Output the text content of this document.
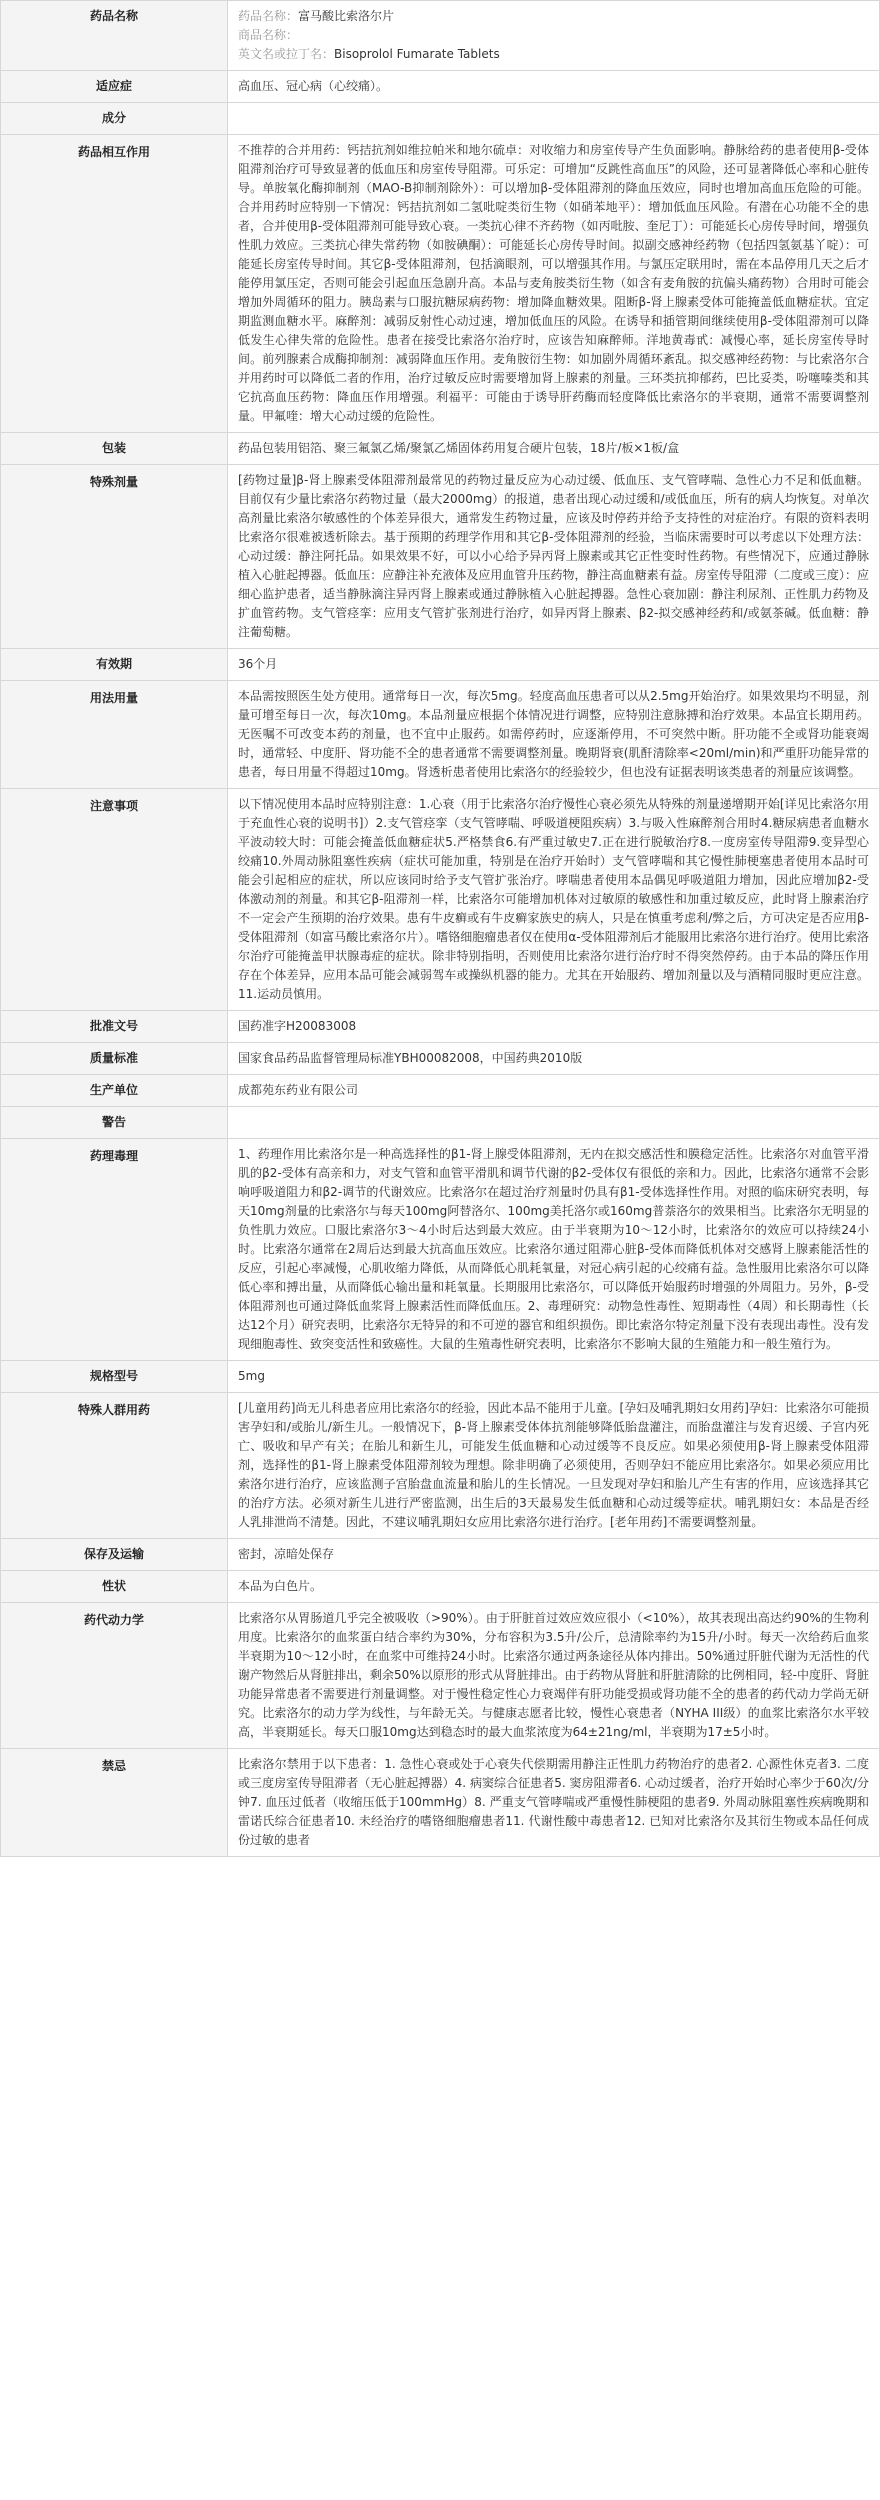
药品名称	药品名称：富马酸比索洛尔片
商品名称：
英文名或拉丁名：Bisoprolol Fumarate Tablets

适应症	高血压、冠心病（心绞痛）。
成分	

药品相互作用	不推荐的合并用药：钙拮抗剂如维拉帕米和地尔硫卓：对收缩力和房室传导产生负面影响。静脉给药的患者使用β-受体阻滞剂治疗可导致显著的低血压和房室传导阻滞。可乐定：可增加“反跳性高血压”的风险，还可显著降低心率和心脏传导。单胺氧化酶抑制剂（MAO-B抑制剂除外）：可以增加β-受体阻滞剂的降血压效应，同时也增加高血压危险的可能。合并用药时应特别一下情况：钙拮抗剂如二氢吡啶类衍生物（如硝苯地平）：增加低血压风险。有潜在心功能不全的患者，合并使用β-受体阻滞剂可能导致心衰。一类抗心律不齐药物（如丙吡胺、奎尼丁）：可能延长心房传导时间，增强负性肌力效应。三类抗心律失常药物（如胺碘酮）：可能延长心房传导时间。拟副交感神经药物（包括四氢氨基丫啶）：可能延长房室传导时间。其它β-受体阻滞剂，包括滴眼剂，可以增强其作用。与氯压定联用时，需在本品停用几天之后才能停用氯压定，否则可能会引起血压急剧升高。本品与麦角胺类衍生物（如含有麦角胺的抗偏头痛药物）合用时可能会增加外周循环的阻力。胰岛素与口服抗糖尿病药物：增加降血糖效果。阻断β-肾上腺素受体可能掩盖低血糖症状。宜定期监测血糖水平。麻醉剂：减弱反射性心动过速，增加低血压的风险。在诱导和插管期间继续使用β-受体阻滞剂可以降低发生心律失常的危险性。患者在接受比索洛尔治疗时，应该告知麻醉师。洋地黄毒甙：减慢心率，延长房室传导时间。前列腺素合成酶抑制剂：减弱降血压作用。麦角胺衍生物：如加剧外周循环紊乱。拟交感神经药物：与比索洛尔合并用药时可以降低二者的作用，治疗过敏反应时需要增加肾上腺素的剂量。三环类抗抑郁药，巴比妥类，吩噻嗪类和其它抗高血压药物：降血压作用增强。利福平：可能由于诱导肝药酶而轻度降低比索洛尔的半衰期，通常不需要调整剂量。甲氟喹：增大心动过缓的危险性。
包装	药品包装用铝箔、聚三氟氯乙烯/聚氯乙烯固体药用复合硬片包装，18片/板×1板/盒
特殊剂量	[药物过量]β-肾上腺素受体阻滞剂最常见的药物过量反应为心动过缓、低血压、支气管哮喘、急性心力不足和低血糖。目前仅有少量比索洛尔药物过量（最大2000mg）的报道，患者出现心动过缓和/或低血压，所有的病人均恢复。对单次高剂量比索洛尔敏感性的个体差异很大，通常发生药物过量，应该及时停药并给予支持性的对症治疗。有限的资料表明比索洛尔很难被透析除去。基于预期的药理学作用和其它β-受体阻滞剂的经验，当临床需要时可以考虑以下处理方法：心动过缓：静注阿托品。如果效果不好，可以小心给予异丙肾上腺素或其它正性变时性药物。有些情况下，应通过静脉植入心脏起搏器。低血压：应静注补充液体及应用血管升压药物，静注高血糖素有益。房室传导阻滞（二度或三度）：应细心监护患者，适当静脉滴注异丙肾上腺素或通过静脉植入心脏起搏器。急性心衰加剧：静注利尿剂、正性肌力药物及扩血管药物。支气管痉挛：应用支气管扩张剂进行治疗，如异丙肾上腺素、β2-拟交感神经药和/或氨茶碱。低血糖：静注葡萄糖。
有效期	36个月
用法用量	本品需按照医生处方使用。通常每日一次，每次5mg。轻度高血压患者可以从2.5mg开始治疗。如果效果均不明显，剂量可增至每日一次，每次10mg。本品剂量应根据个体情况进行调整，应特别注意脉搏和治疗效果。本品宜长期用药。无医嘱不可改变本药的剂量，也不宜中止服药。如需停药时，应逐渐停用，不可突然中断。肝功能不全或肾功能衰竭时，通常轻、中度肝、肾功能不全的患者通常不需要调整剂量。晚期肾衰(肌酐清除率<20ml/min)和严重肝功能异常的患者，每日用量不得超过10mg。肾透析患者使用比索洛尔的经验较少，但也没有证据表明该类患者的剂量应该调整。
注意事项	以下情况使用本品时应特别注意：1.心衰（用于比索洛尔治疗慢性心衰必须先从特殊的剂量递增期开始[详见比索洛尔用于充血性心衰的说明书]）2.支气管痉挛（支气管哮喘、呼吸道梗阻疾病）3.与吸入性麻醉剂合用时4.糖尿病患者血糖水平波动较大时：可能会掩盖低血糖症状5.严格禁食6.有严重过敏史7.正在进行脱敏治疗8.一度房室传导阻滞9.变异型心绞痛10.外周动脉阻塞性疾病（症状可能加重，特别是在治疗开始时）支气管哮喘和其它慢性肺梗塞患者使用本品时可能会引起相应的症状，所以应该同时给予支气管扩张治疗。哮喘患者使用本品偶见呼吸道阻力增加，因此应增加β2-受体激动剂的剂量。和其它β-阻滞剂一样，比索洛尔可能增加机体对过敏原的敏感性和加重过敏反应，此时肾上腺素治疗不一定会产生预期的治疗效果。患有牛皮癣或有牛皮癣家族史的病人，只是在慎重考虑利/弊之后，方可决定是否应用β-受体阻滞剂（如富马酸比索洛尔片）。嗜铬细胞瘤患者仅在使用α-受体阻滞剂后才能服用比索洛尔进行治疗。使用比索洛尔治疗可能掩盖甲状腺毒症的症状。除非特别指明，否则使用比索洛尔进行治疗时不得突然停药。由于本品的降压作用存在个体差异，应用本品可能会减弱驾车或操纵机器的能力。尤其在开始服药、增加剂量以及与酒精同服时更应注意。11.运动员慎用。
批准文号	国药准字H20083008
质量标准	国家食品药品监督管理局标准YBH00082008，中国药典2010版
生产单位	成都苑东药业有限公司
警告	

药理毒理	1、药理作用比索洛尔是一种高选择性的β1-肾上腺受体阻滞剂，无内在拟交感活性和膜稳定活性。比索洛尔对血管平滑肌的β2-受体有高亲和力，对支气管和血管平滑肌和调节代谢的β2-受体仅有很低的亲和力。因此，比索洛尔通常不会影响呼吸道阻力和β2-调节的代谢效应。比索洛尔在超过治疗剂量时仍具有β1-受体选择性作用。对照的临床研究表明，每天10mg剂量的比索洛尔与每天100mg阿替洛尔、100mg美托洛尔或160mg普萘洛尔的效果相当。比索洛尔无明显的负性肌力效应。口服比索洛尔3～4小时后达到最大效应。由于半衰期为10～12小时，比索洛尔的效应可以持续24小时。比索洛尔通常在2周后达到最大抗高血压效应。比索洛尔通过阻滞心脏β-受体而降低机体对交感肾上腺素能活性的反应，引起心率减慢，心肌收缩力降低，从而降低心肌耗氧量，对冠心病引起的心绞痛有益。急性服用比索洛尔可以降低心率和搏出量，从而降低心输出量和耗氧量。长期服用比索洛尔，可以降低开始服药时增强的外周阻力。另外，β-受体阻滞剂也可通过降低血浆肾上腺素活性而降低血压。2、毒理研究：动物急性毒性、短期毒性（4周）和长期毒性（长达12个月）研究表明，比索洛尔无特异的和不可逆的器官和组织损伤。即比索洛尔特定剂量下没有表现出毒性。没有发现细胞毒性、致突变活性和致癌性。大鼠的生殖毒性研究表明，比索洛尔不影响大鼠的生殖能力和一般生殖行为。
规格型号	5mg
特殊人群用药	[儿童用药]尚无儿科患者应用比索洛尔的经验，因此本品不能用于儿童。[孕妇及哺乳期妇女用药]孕妇：比索洛尔可能损害孕妇和/或胎儿/新生儿。一般情况下，β-肾上腺素受体体抗剂能够降低胎盘灌注，而胎盘灌注与发育迟缓、子宫内死亡、吸收和早产有关；在胎儿和新生儿，可能发生低血糖和心动过缓等不良反应。如果必须使用β-肾上腺素受体阻滞剂，选择性的β1-肾上腺素受体阻滞剂较为理想。除非明确了必须使用，否则孕妇不能应用比索洛尔。如果必须应用比索洛尔进行治疗，应该监测子宫胎盘血流量和胎儿的生长情况。一旦发现对孕妇和胎儿产生有害的作用，应该选择其它的治疗方法。必须对新生儿进行严密监测，出生后的3天最易发生低血糖和心动过缓等症状。哺乳期妇女：本品是否经人乳排泄尚不清楚。因此，不建议哺乳期妇女应用比索洛尔进行治疗。[老年用药]不需要调整剂量。
保存及运输	密封，凉暗处保存
性状	本品为白色片。
药代动力学	比索洛尔从胃肠道几乎完全被吸收（>90%）。由于肝脏首过效应效应很小（<10%），故其表现出高达约90%的生物利用度。比索洛尔的血浆蛋白结合率约为30%，分布容积为3.5升/公斤，总清除率约为15升/小时。每天一次给药后血浆半衰期为10～12小时，在血浆中可维持24小时。比索洛尔通过两条途径从体内排出。50%通过肝脏代谢为无活性的代谢产物然后从肾脏排出，剩余50%以原形的形式从肾脏排出。由于药物从肾脏和肝脏清除的比例相同，轻-中度肝、肾脏功能异常患者不需要进行剂量调整。对于慢性稳定性心力衰竭伴有肝功能受损或肾功能不全的患者的药代动力学尚无研究。比索洛尔的动力学为线性，与年龄无关。与健康志愿者比较，慢性心衰患者（NYHA III级）的血浆比索洛尔水平较高，半衰期延长。每天口服10mg达到稳态时的最大血浆浓度为64±21ng/ml，半衰期为17±5小时。
禁忌	比索洛尔禁用于以下患者：1. 急性心衰或处于心衰失代偿期需用静注正性肌力药物治疗的患者2. 心源性休克者3. 二度或三度房室传导阻滞者（无心脏起搏器）4. 病窦综合征患者5. 窦房阻滞者6. 心动过缓者，治疗开始时心率少于60次/分钟7. 血压过低者（收缩压低于100mmHg）8. 严重支气管哮喘或严重慢性肺梗阻的患者9. 外周动脉阻塞性疾病晚期和雷诺氏综合征患者10. 未经治疗的嗜铬细胞瘤患者11. 代谢性酸中毒患者12. 已知对比索洛尔及其衍生物或本品任何成份过敏的患者
